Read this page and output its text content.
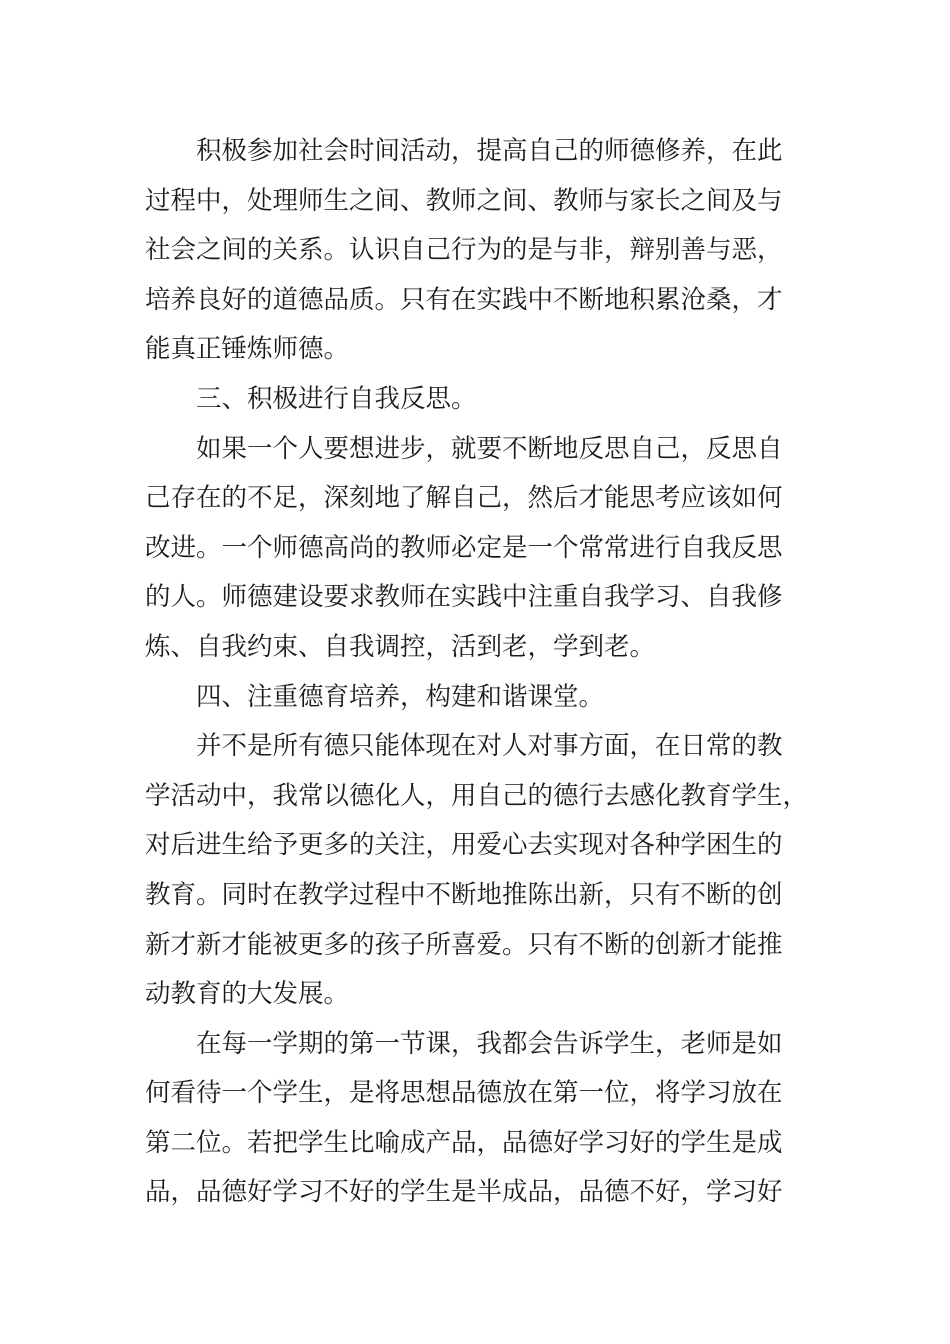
积极参加社会时间活动，提高自己的师德修养，在此
过程中，处理师生之间、教师之间、教师与家长之间及与
社会之间的关系。认识自己行为的是与非，辩别善与恶，
培养良好的道德品质。只有在实践中不断地积累沧桑，才
能真正锤炼师德。
三、积极进行自我反思。
如果一个人要想进步，就要不断地反思自己，反思自
己存在的不足，深刻地了解自己，然后才能思考应该如何
改进。一个师德高尚的教师必定是一个常常进行自我反思
的人。师德建设要求教师在实践中注重自我学习、自我修
炼、自我约束、自我调控，活到老，学到老。
四、注重德育培养，构建和谐课堂。
并不是所有德只能体现在对人对事方面，在日常的教
学活动中，我常以德化人，用自己的德行去感化教育学生，
对后进生给予更多的关注，用爱心去实现对各种学困生的
教育。同时在教学过程中不断地推陈出新，只有不断的创
新才新才能被更多的孩子所喜爱。只有不断的创新才能推
动教育的大发展。
在每一学期的第一节课，我都会告诉学生，老师是如
何看待一个学生，是将思想品德放在第一位，将学习放在
第二位。若把学生比喻成产品，品德好学习好的学生是成
品，品德好学习不好的学生是半成品，品德不好，学习好
